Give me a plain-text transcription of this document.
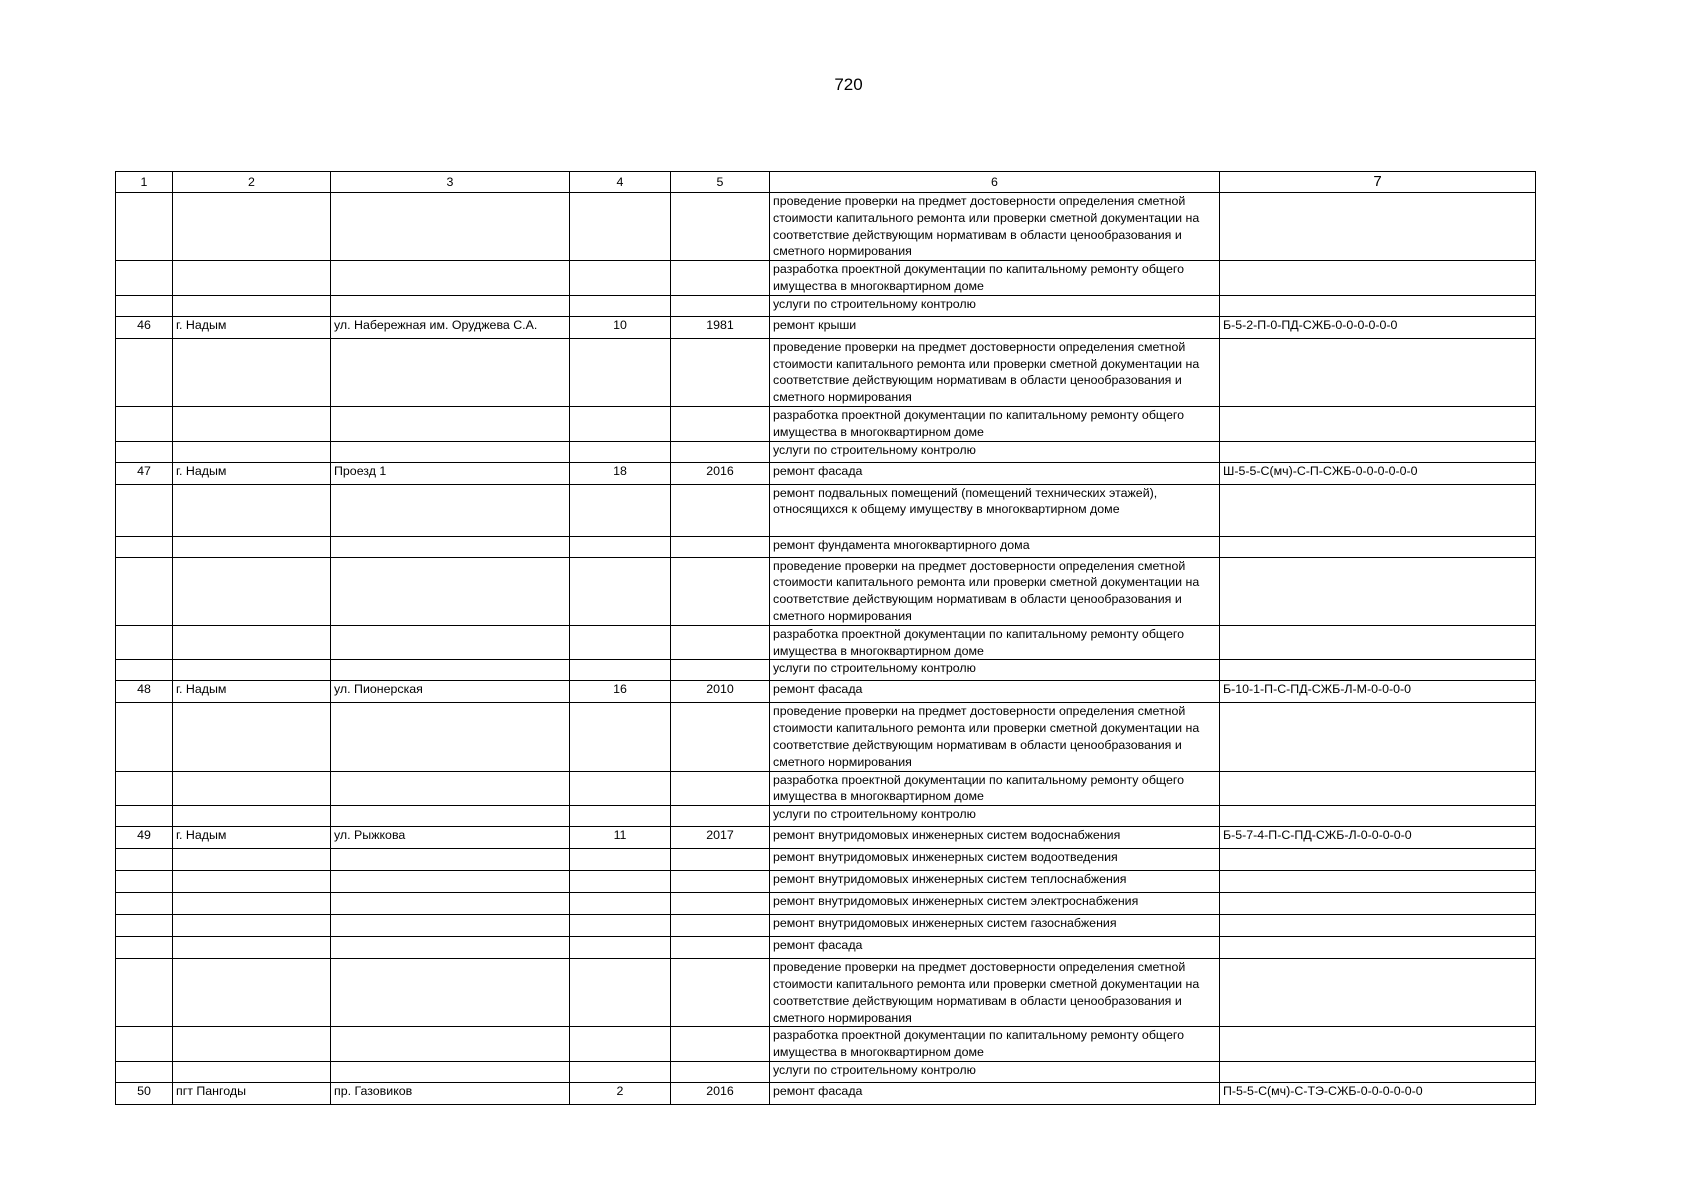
720
1	2	3	4	5	6	7
					проведение проверки на предмет достоверности определения сметной стоимости капитального ремонта или проверки сметной документации на соответствие действующим нормативам в области ценообразования и сметного нормирования	
					разработка проектной документации по капитальному ремонту общего имущества в многоквартирном доме	
					услуги по строительному контролю	
46	г. Надым	ул. Набережная им. Оруджева С.А.	10	1981	ремонт крыши	Б-5-2-П-0-ПД-СЖБ-0-0-0-0-0-0
					проведение проверки на предмет достоверности определения сметной стоимости капитального ремонта или проверки сметной документации на соответствие действующим нормативам в области ценообразования и сметного нормирования	
					разработка проектной документации по капитальному ремонту общего имущества в многоквартирном доме	
					услуги по строительному контролю	
47	г. Надым	Проезд 1	18	2016	ремонт фасада	Ш-5-5-С(мч)-С-П-СЖБ-0-0-0-0-0-0
					ремонт подвальных помещений (помещений технических этажей), относящихся к общему имуществу в многоквартирном доме	
					ремонт фундамента многоквартирного дома	
					проведение проверки на предмет достоверности определения сметной стоимости капитального ремонта или проверки сметной документации на соответствие действующим нормативам в области ценообразования и сметного нормирования	
					разработка проектной документации по капитальному ремонту общего имущества в многоквартирном доме	
					услуги по строительному контролю	
48	г. Надым	ул. Пионерская	16	2010	ремонт фасада	Б-10-1-П-С-ПД-СЖБ-Л-М-0-0-0-0
					проведение проверки на предмет достоверности определения сметной стоимости капитального ремонта или проверки сметной документации на соответствие действующим нормативам в области ценообразования и сметного нормирования	
					разработка проектной документации по капитальному ремонту общего имущества в многоквартирном доме	
					услуги по строительному контролю	
49	г. Надым	ул. Рыжкова	11	2017	ремонт внутридомовых инженерных систем водоснабжения	Б-5-7-4-П-С-ПД-СЖБ-Л-0-0-0-0-0
					ремонт внутридомовых инженерных систем водоотведения	
					ремонт внутридомовых инженерных систем теплоснабжения	
					ремонт внутридомовых инженерных систем электроснабжения	
					ремонт внутридомовых инженерных систем газоснабжения	
					ремонт фасада	
					проведение проверки на предмет достоверности определения сметной стоимости капитального ремонта или проверки сметной документации на соответствие действующим нормативам в области ценообразования и сметного нормирования	
					разработка проектной документации по капитальному ремонту общего имущества в многоквартирном доме	
					услуги по строительному контролю	
50	пгт Пангоды	пр. Газовиков	2	2016	ремонт фасада	П-5-5-С(мч)-С-ТЭ-СЖБ-0-0-0-0-0-0
